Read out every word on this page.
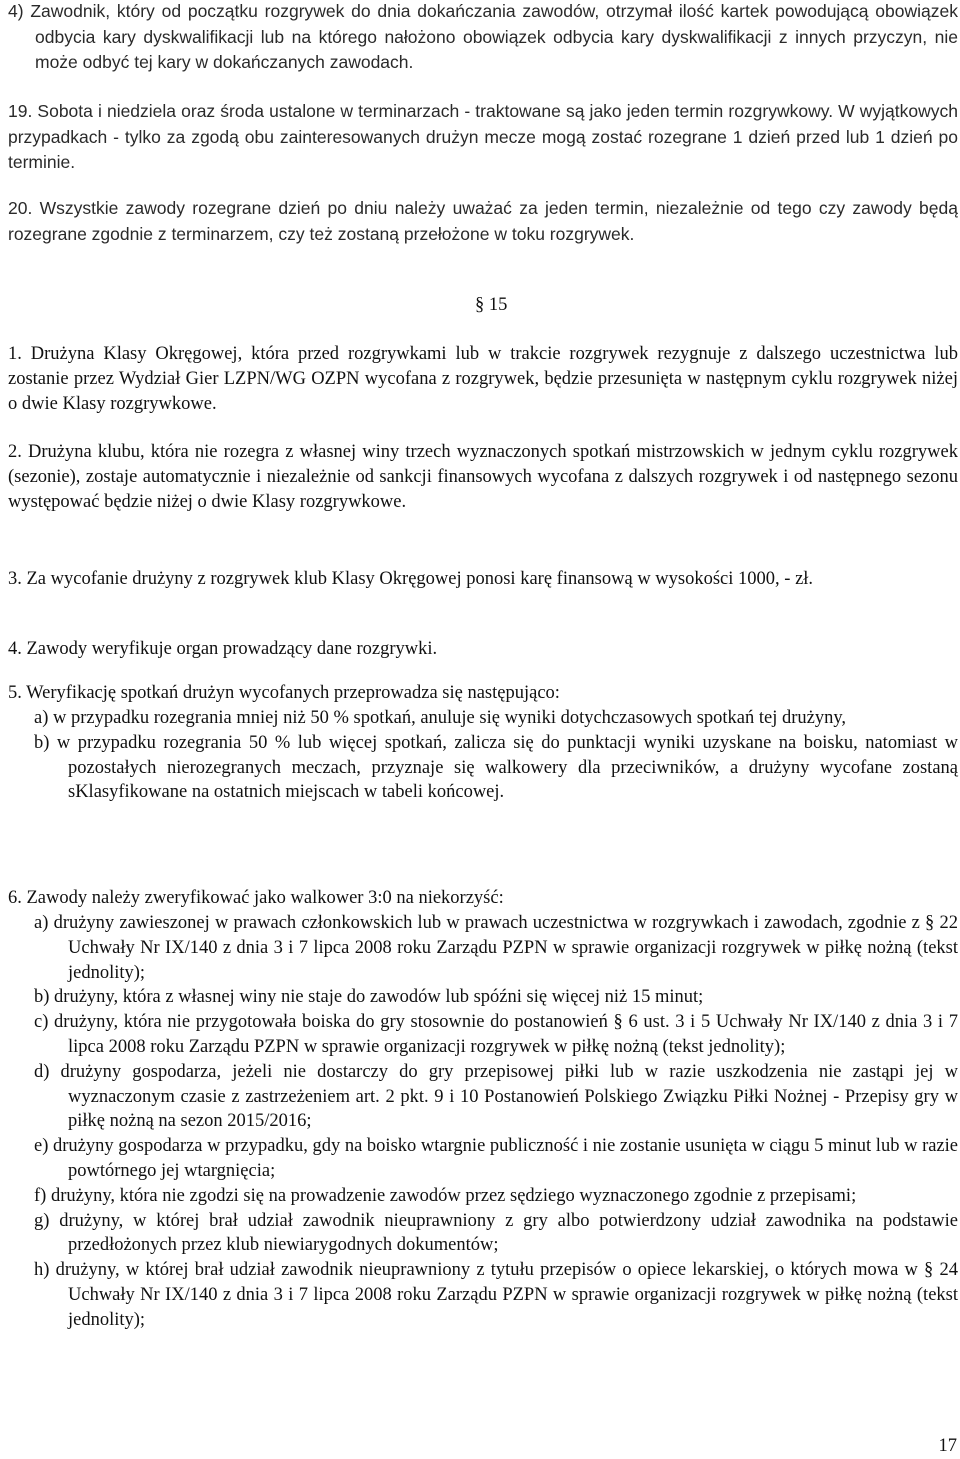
4) Zawodnik, który od początku rozgrywek do dnia dokańczania zawodów, otrzymał ilość kartek powodującą obowiązek odbycia kary dyskwalifikacji lub na którego nałożono obowiązek odbycia kary dyskwalifikacji z innych przyczyn, nie może odbyć tej kary w dokańczanych zawodach.

19. Sobota i niedziela oraz środa ustalone w terminarzach - traktowane są jako jeden termin rozgrywkowy. W wyjątkowych przypadkach - tylko za zgodą obu zainteresowanych drużyn mecze mogą zostać rozegrane 1 dzień przed lub 1 dzień po terminie.

20. Wszystkie zawody rozegrane dzień po dniu należy uważać za jeden termin, niezależnie od tego czy zawody będą rozegrane zgodnie z terminarzem, czy też zostaną przełożone w toku rozgrywek.

§ 15

1. Drużyna Klasy Okręgowej, która przed rozgrywkami lub w trakcie rozgrywek rezygnuje z dalszego uczestnictwa lub zostanie przez Wydział Gier LZPN/WG OZPN wycofana z rozgrywek, będzie przesunięta w następnym cyklu rozgrywek niżej o dwie Klasy rozgrywkowe.

2. Drużyna klubu, która nie rozegra z własnej winy trzech wyznaczonych spotkań mistrzowskich w jednym cyklu rozgrywek (sezonie), zostaje automatycznie i niezależnie od sankcji finansowych wycofana z dalszych rozgrywek i od następnego sezonu występować będzie niżej o dwie Klasy rozgrywkowe.

3. Za wycofanie drużyny z rozgrywek klub Klasy Okręgowej ponosi karę finansową w wysokości 1000, - zł.

4. Zawody weryfikuje organ prowadzący dane rozgrywki.

5. Weryfikację spotkań drużyn wycofanych przeprowadza się następująco:

a) w przypadku rozegrania mniej niż 50 % spotkań, anuluje się wyniki dotychczasowych spotkań tej drużyny,

b) w przypadku rozegrania 50 % lub więcej spotkań, zalicza się do punktacji wyniki uzyskane na boisku, natomiast w pozostałych nierozegranych meczach, przyznaje się walkowery dla przeciwników, a drużyny wycofane zostaną sKlasyfikowane na ostatnich miejscach w tabeli końcowej.

6. Zawody należy zweryfikować jako walkower 3:0 na niekorzyść:

a) drużyny zawieszonej w prawach członkowskich lub w prawach uczestnictwa w rozgrywkach i zawodach, zgodnie z § 22 Uchwały Nr IX/140 z dnia 3 i 7 lipca 2008 roku Zarządu PZPN w sprawie organizacji rozgrywek w piłkę nożną (tekst jednolity);

b) drużyny, która z własnej winy nie staje do zawodów lub spóźni się więcej niż 15 minut;

c) drużyny, która nie przygotowała boiska do gry stosownie do postanowień § 6 ust. 3 i 5 Uchwały Nr IX/140 z dnia 3 i 7 lipca 2008 roku Zarządu PZPN w sprawie organizacji rozgrywek w piłkę nożną (tekst jednolity);

d) drużyny gospodarza, jeżeli nie dostarczy do gry przepisowej piłki lub w razie uszkodzenia nie zastąpi jej w wyznaczonym czasie z zastrzeżeniem art. 2 pkt. 9 i 10 Postanowień Polskiego Związku Piłki Nożnej - Przepisy gry w piłkę nożną na sezon 2015/2016;

e) drużyny gospodarza w przypadku, gdy na boisko wtargnie publiczność i nie zostanie usunięta w ciągu 5 minut lub w razie powtórnego jej wtargnięcia;

f) drużyny, która nie zgodzi się na prowadzenie zawodów przez sędziego wyznaczonego zgodnie z przepisami;

g) drużyny, w której brał udział zawodnik nieuprawniony z gry albo potwierdzony udział zawodnika na podstawie przedłożonych przez klub niewiarygodnych dokumentów;

h) drużyny, w której brał udział zawodnik nieuprawniony z tytułu przepisów o opiece lekarskiej, o których mowa w § 24 Uchwały Nr IX/140 z dnia 3 i 7 lipca 2008 roku Zarządu PZPN w sprawie organizacji rozgrywek w piłkę nożną (tekst jednolity);

17
